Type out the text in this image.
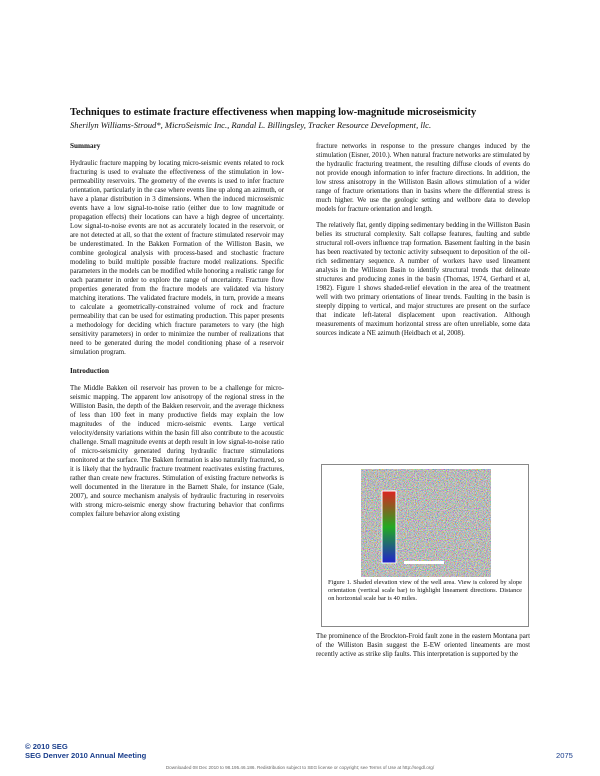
Techniques to estimate fracture effectiveness when mapping low-magnitude microseismicity
Sherilyn Williams-Stroud*, MicroSeismic Inc., Randal L. Billingsley, Tracker Resource Development, llc.
Summary

Hydraulic fracture mapping by locating micro-seismic events related to rock fracturing is used to evaluate the effectiveness of the stimulation in low-permeability reservoirs. The geometry of the events is used to infer fracture orientation, particularly in the case where events line up along an azimuth, or have a planar distribution in 3 dimensions. When the induced microseismic events have a low signal-to-noise ratio (either due to low magnitude or propagation effects) their locations can have a high degree of uncertainty. Low signal-to-noise events are not as accurately located in the reservoir, or are not detected at all, so that the extent of fracture stimulated reservoir may be underestimated. In the Bakken Formation of the Williston Basin, we combine geological analysis with process-based and stochastic fracture modeling to build multiple possible fracture model realizations. Specific parameters in the models can be modified while honoring a realistic range for each parameter in order to explore the range of uncertainty. Fracture flow properties generated from the fracture models are validated via history matching iterations. The validated fracture models, in turn, provide a means to calculate a geometrically-constrained volume of rock and fracture permeability that can be used for estimating production. This paper presents a methodology for deciding which fracture parameters to vary (the high sensitivity parameters) in order to minimize the number of realizations that need to be generated during the model conditioning phase of a reservoir simulation program.

Introduction

The Middle Bakken oil reservoir has proven to be a challenge for micro-seismic mapping. The apparent low anisotropy of the regional stress in the Williston Basin, the depth of the Bakken reservoir, and the average thickness of less than 100 feet in many productive fields may explain the low magnitudes of the induced micro-seismic events. Large vertical velocity/density variations within the basin fill also contribute to the acoustic challenge. Small magnitude events at depth result in low signal-to-noise ratio of micro-seismicity generated during hydraulic fracture stimulations monitored at the surface. The Bakken formation is also naturally fractured, so it is likely that the hydraulic fracture treatment reactivates existing fractures, rather than create new fractures. Stimulation of existing fracture networks is well documented in the literature in the Barnett Shale, for instance (Gale, 2007), and source mechanism analysis of hydraulic fracturing in reservoirs with strong micro-seismic energy show fracturing behavior that confirms complex failure behavior along existing

fracture networks in response to the pressure changes induced by the stimulation (Eisner, 2010.). When natural fracture networks are stimulated by the hydraulic fracturing treatment, the resulting diffuse clouds of events do not provide enough information to infer fracture directions. In addition, the low stress anisotropy in the Williston Basin allows stimulation of a wider range of fracture orientations than in basins where the differential stress is much higher. We use the geologic setting and wellbore data to develop models for fracture orientation and length.

The relatively flat, gently dipping sedimentary bedding in the Williston Basin belies its structural complexity. Salt collapse features, faulting and subtle structural roll-overs influence trap formation. Basement faulting in the basin has been reactivated by tectonic activity subsequent to deposition of the oil-rich sedimentary sequence. A number of workers have used lineament analysis in the Williston Basin to identify structural trends that delineate structures and producing zones in the basin (Thomas, 1974, Gerhard et al, 1982). Figure 1 shows shaded-relief elevation in the area of the treatment well with two primary orientations of linear trends. Faulting in the basin is steeply dipping to vertical, and major structures are present on the surface that indicate left-lateral displacement upon reactivation. Although measurements of maximum horizontal stress are often unreliable, some data sources indicate a NE azimuth (Heidbach et al, 2008).

Figure 1. Shaded elevation view of the well area. View is colored by slope orientation (vertical scale bar) to highlight lineament directions. Distance on horizontal scale bar is 40 miles.

The prominence of the Brockton-Froid fault zone in the eastern Montana part of the Williston Basin suggest the E-EW oriented lineaments are most recently active as strike slip faults. This interpretation is supported by the

© 2010 SEG
SEG Denver 2010 Annual Meeting	2075
Downloaded 08 Dec 2010 to 98.195.46.186. Redistribution subject to SEG license or copyright; see Terms of Use at http://segdl.org/
